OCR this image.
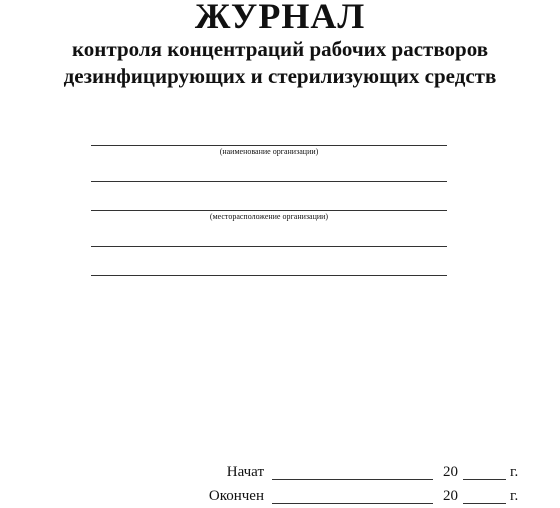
ЖУРНАЛ

контроля концентраций рабочих растворов

дезинфицирующих и стерилизующих средств

(наименование организации)
(месторасположение организации)
Начат	20	г.
Окончен	20	г.
